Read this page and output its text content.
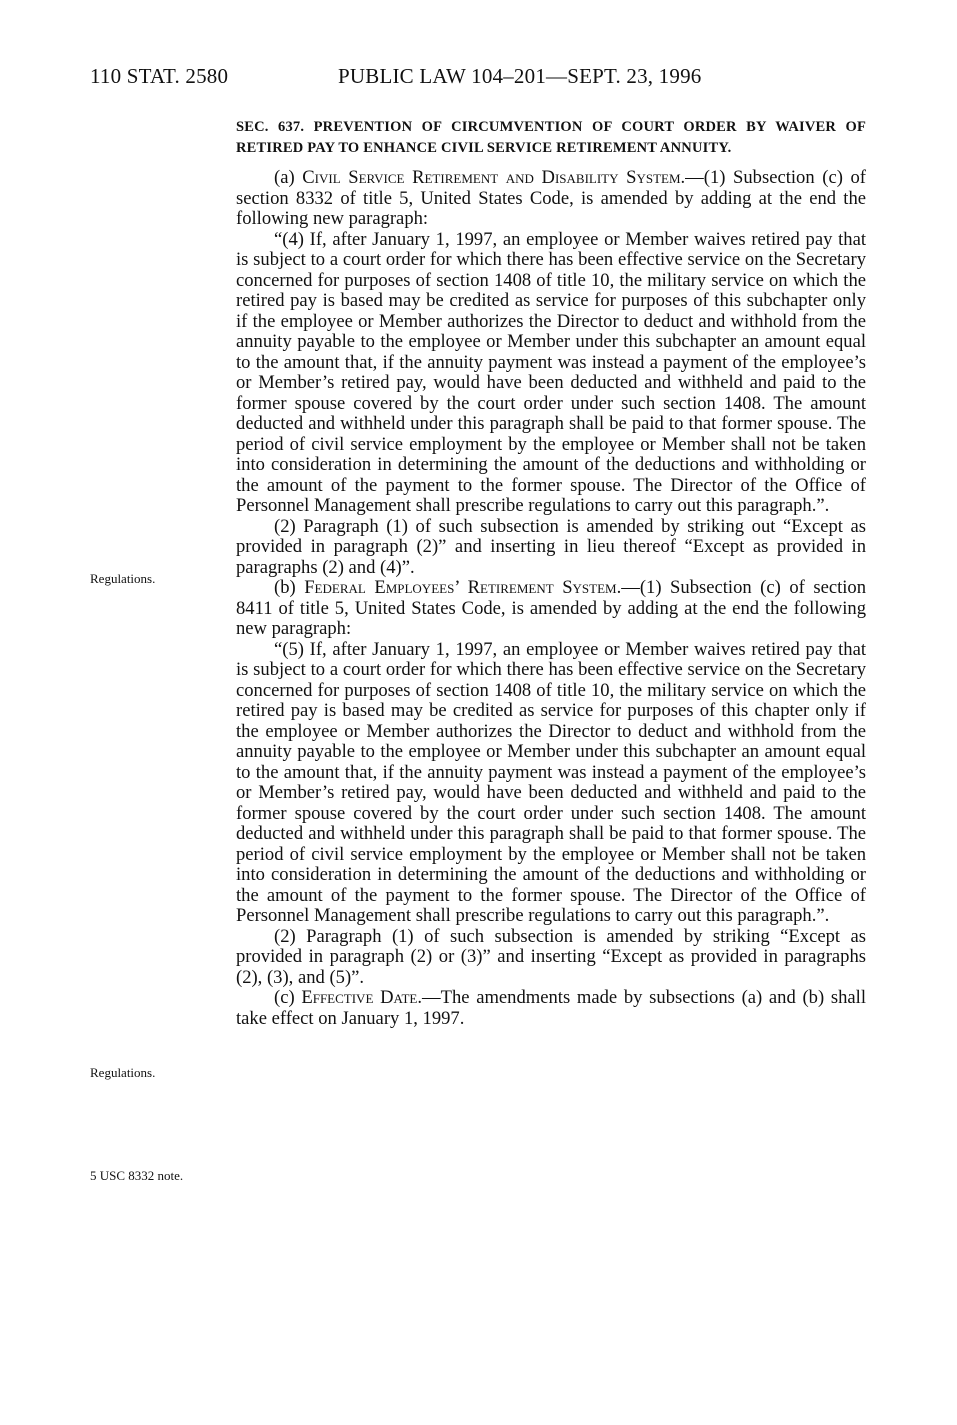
110 STAT. 2580	PUBLIC LAW 104–201—SEPT. 23, 1996
Regulations.
Regulations.
5 USC 8332 note.

SEC. 637. PREVENTION OF CIRCUMVENTION OF COURT ORDER BY WAIVER OF RETIRED PAY TO ENHANCE CIVIL SERVICE RETIREMENT ANNUITY.

(a) Civil Service Retirement and Disability System.—(1) Subsection (c) of section 8332 of title 5, United States Code, is amended by adding at the end the following new paragraph:

“(4) If, after January 1, 1997, an employee or Member waives retired pay that is subject to a court order for which there has been effective service on the Secretary concerned for purposes of section 1408 of title 10, the military service on which the retired pay is based may be credited as service for purposes of this subchapter only if the employee or Member authorizes the Director to deduct and withhold from the annuity payable to the employee or Member under this subchapter an amount equal to the amount that, if the annuity payment was instead a payment of the employee’s or Member’s retired pay, would have been deducted and withheld and paid to the former spouse covered by the court order under such section 1408. The amount deducted and withheld under this paragraph shall be paid to that former spouse. The period of civil service employment by the employee or Member shall not be taken into consideration in determining the amount of the deductions and withholding or the amount of the payment to the former spouse. The Director of the Office of Personnel Management shall prescribe regulations to carry out this paragraph.”.

(2) Paragraph (1) of such subsection is amended by striking out “Except as provided in paragraph (2)” and inserting in lieu thereof “Except as provided in paragraphs (2) and (4)”.

(b) Federal Employees’ Retirement System.—(1) Subsection (c) of section 8411 of title 5, United States Code, is amended by adding at the end the following new paragraph:

“(5) If, after January 1, 1997, an employee or Member waives retired pay that is subject to a court order for which there has been effective service on the Secretary concerned for purposes of section 1408 of title 10, the military service on which the retired pay is based may be credited as service for purposes of this chapter only if the employee or Member authorizes the Director to deduct and withhold from the annuity payable to the employee or Member under this subchapter an amount equal to the amount that, if the annuity payment was instead a payment of the employee’s or Member’s retired pay, would have been deducted and withheld and paid to the former spouse covered by the court order under such section 1408. The amount deducted and withheld under this paragraph shall be paid to that former spouse. The period of civil service employment by the employee or Member shall not be taken into consideration in determining the amount of the deductions and withholding or the amount of the payment to the former spouse. The Director of the Office of Personnel Management shall prescribe regulations to carry out this paragraph.”.

(2) Paragraph (1) of such subsection is amended by striking “Except as provided in paragraph (2) or (3)” and inserting “Except as provided in paragraphs (2), (3), and (5)”.

(c) Effective Date.—The amendments made by subsections (a) and (b) shall take effect on January 1, 1997.
